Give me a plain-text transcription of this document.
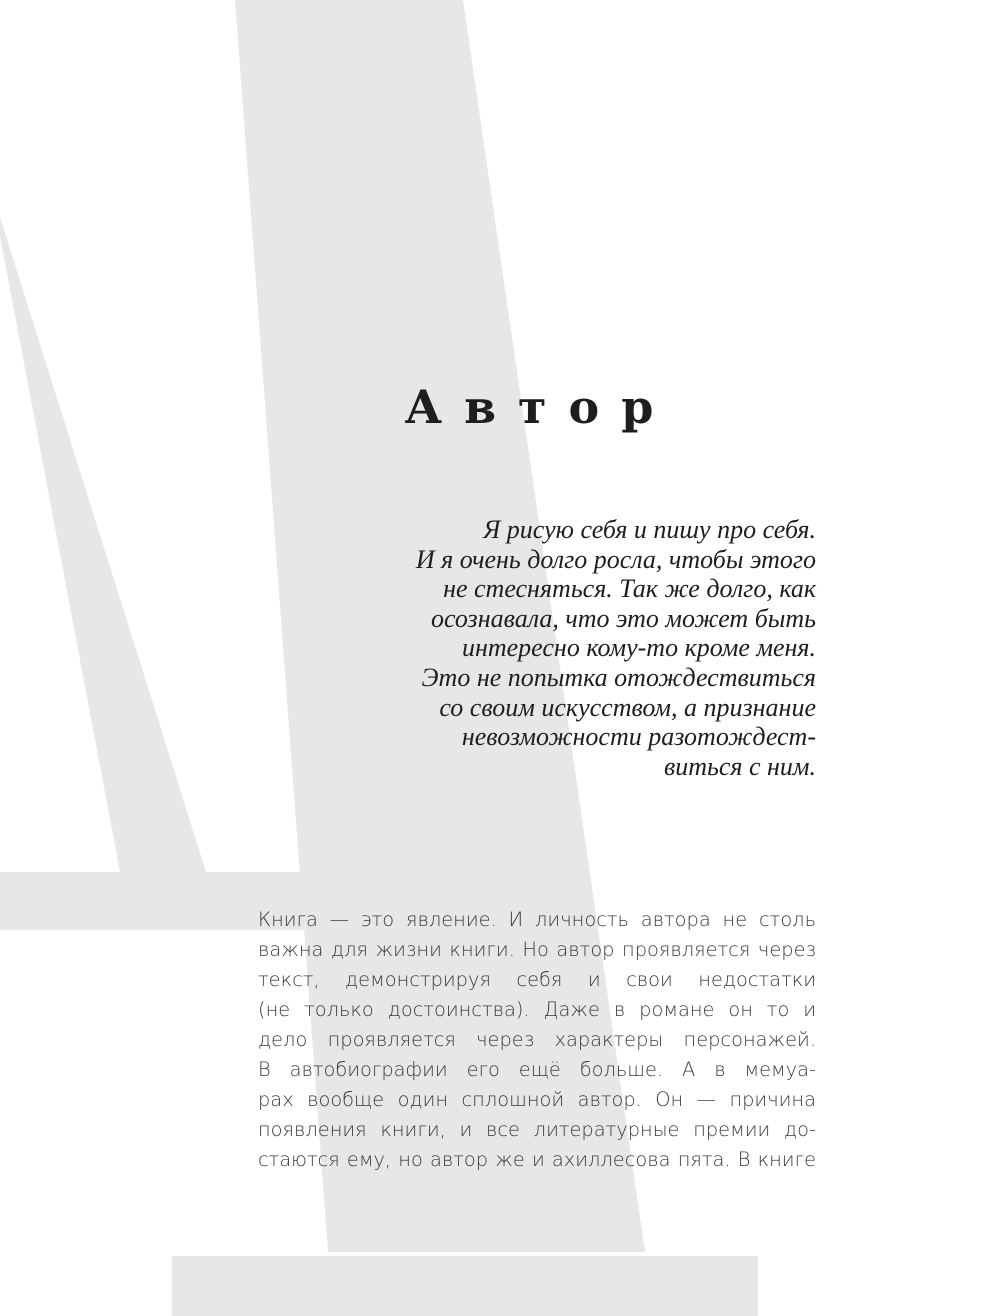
Автор
Я рисую себя и пишу про себя.
И я очень долго росла, чтобы этого
не стесняться. Так же долго, как
осознавала, что это может быть
интересно кому-то кроме меня.
Это не попытка отождествиться
со своим искусством, а признание
невозможности разотождест-
виться с ним.
Книга — это явление. И личность автора не столь
важна для жизни книги. Но автор проявляется через
текст, демонстрируя себя и свои недостатки
(не только достоинства). Даже в романе он то и
дело проявляется через характеры персонажей.
В автобиографии его ещё больше. А в мемуа-
рах вообще один сплошной автор. Он — причина
появления книги, и все литературные премии до-
стаются ему, но автор же и ахиллесова пята. В книге
